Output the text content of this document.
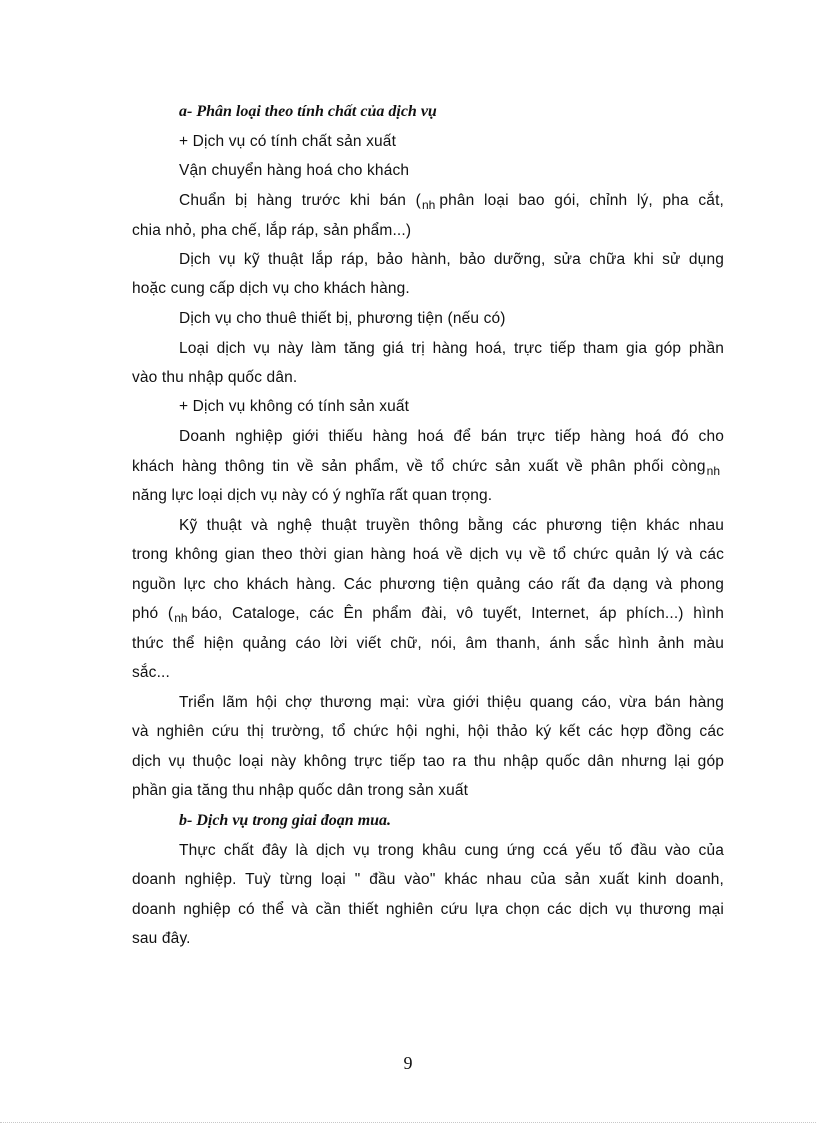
a- Phân loại theo tính chất của dịch vụ
+ Dịch vụ có tính chất sản xuất
Vận chuyển hàng hoá cho khách
Chuẩn bị hàng trước khi bán ($_{nh}$ phân loại bao gói, chỉnh lý, pha cắt,
chia nhỏ, pha chế, lắp ráp, sản phẩm...)
Dịch vụ kỹ thuật lắp ráp, bảo hành, bảo dưỡng, sửa chữa khi sử dụng
hoặc cung cấp dịch vụ cho khách hàng.
Dịch vụ cho thuê thiết bị, phương tiện (nếu có)
Loại dịch vụ này làm tăng giá trị hàng hoá, trực tiếp tham gia góp phần
vào thu nhập quốc dân.
+ Dịch vụ không có tính sản xuất
Doanh nghiệp giới thiếu hàng hoá để bán trực tiếp hàng hoá đó cho
khách hàng thông tin về sản phẩm, về tổ chức sản xuất về phân phối còng$_{nh}$
năng lực loại dịch vụ này có ý nghĩa rất quan trọng.
Kỹ thuật và nghệ thuật truyền thông bằng các phương tiện khác nhau
trong không gian theo thời gian hàng hoá về dịch vụ về tổ chức quản lý và các
nguồn lực cho khách hàng. Các phương tiện quảng cáo rất đa dạng và phong
phó ($_{nh}$ báo, Cataloge, các Ên phẩm đài, vô tuyết, Internet, áp phích...) hình
thức thể hiện quảng cáo lời viết chữ, nói, âm thanh, ánh sắc hình ảnh màu
sắc...
Triển lãm hội chợ thương mại: vừa giới thiệu quang cáo, vừa bán hàng
và nghiên cứu thị trường, tổ chức hội nghi, hội thảo ký kết các hợp đồng các
dịch vụ thuộc loại này không trực tiếp tao ra thu nhập quốc dân nhưng lại góp
phần gia tăng thu nhập quốc dân trong sản xuất
b- Dịch vụ trong giai đoạn mua.
Thực chất đây là dịch vụ trong khâu cung ứng ccá yếu tố đầu vào của
doanh nghiệp. Tuỳ từng loại " đầu vào" khác nhau của sản xuất kinh doanh,
doanh nghiệp có thể và cần thiết nghiên cứu lựa chọn các dịch vụ thương mại
sau đây.
9
